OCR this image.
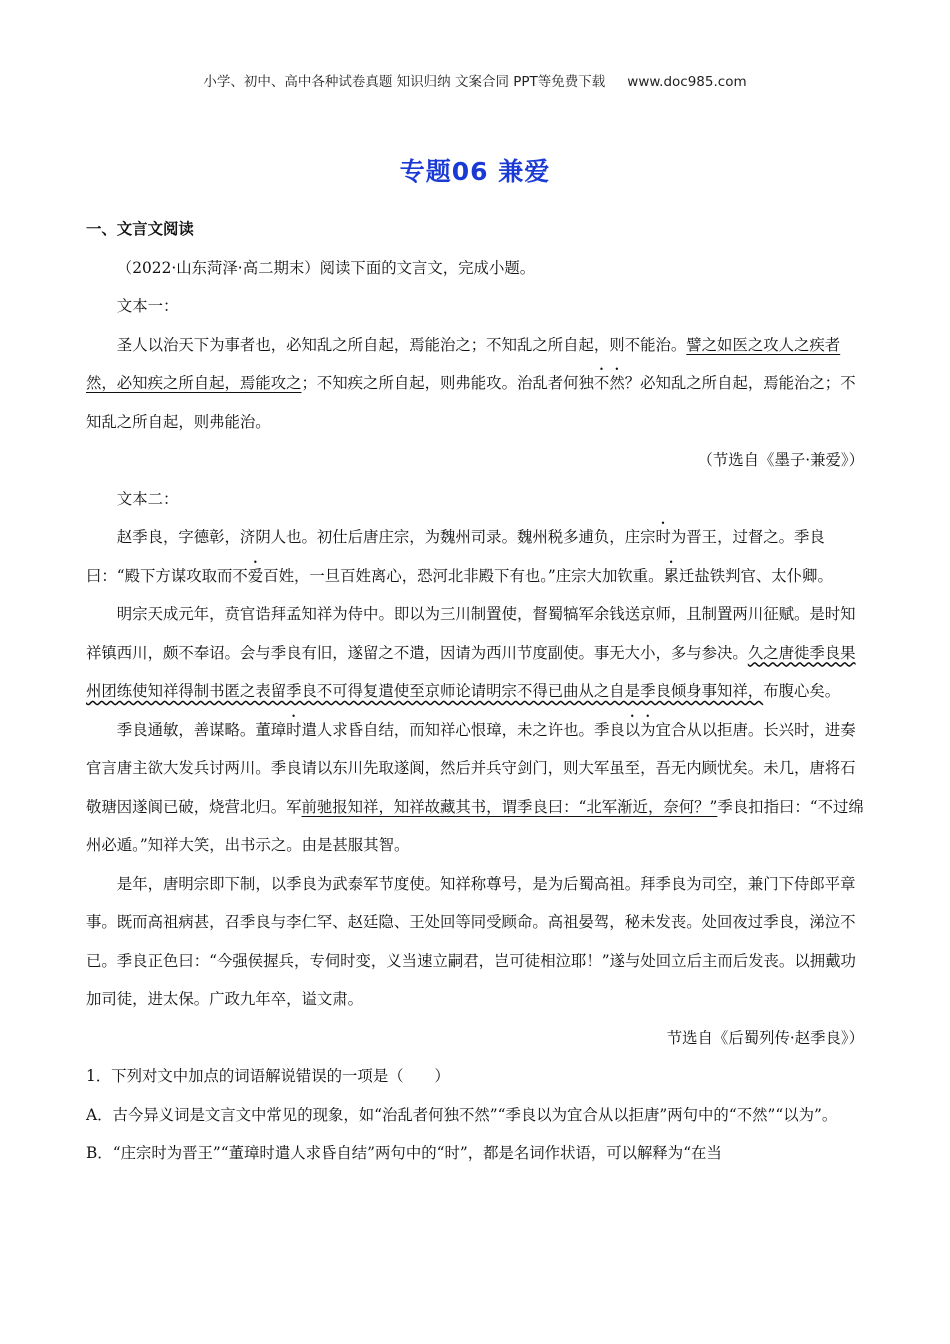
小学、初中、高中各种试卷真题 知识归纳 文案合同 PPT等免费下载 www.doc985.com
专题06 兼爱

一、文言文阅读

（2022·山东菏泽·高二期末）阅读下面的文言文，完成小题。

文本一：

圣人以治天下为事者也，必知乱之所自起，焉能治之；不知乱之所自起，则不能治。譬之如医之攻人之疾者然，必知疾之所自起，焉能攻之；不知疾之所自起，则弗能攻。治乱者何独不然？必知乱之所自起，焉能治之；不知乱之所自起，则弗能治。

（节选自《墨子·兼爱》）

文本二：

赵季良，字德彰，济阴人也。初仕后唐庄宗，为魏州司录。魏州税多逋负，庄宗时为晋王，过督之。季良曰：“殿下方谋攻取而不爱百姓，一旦百姓离心，恐河北非殿下有也。”庄宗大加钦重。累迁盐铁判官、太仆卿。

明宗天成元年，贲官诰拜孟知祥为侍中。即以为三川制置使，督蜀犒军余钱送京师，且制置两川征赋。是时知祥镇西川，颇不奉诏。会与季良有旧，遂留之不遣，因请为西川节度副使。事无大小，多与参决。久之唐徙季良果州团练使知祥得制书匿之表留季良不可得复遣使至京师论请明宗不得已曲从之自是季良倾身事知祥，布腹心矣。

季良通敏，善谋略。董璋时遣人求昏自结，而知祥心恨璋，未之许也。季良以为宜合从以拒唐。长兴时，进奏官言唐主欲大发兵讨两川。季良请以东川先取遂阆，然后并兵守剑门，则大军虽至，吾无内顾忧矣。未几，唐将石敬瑭因遂阆已破，烧营北归。军前驰报知祥，知祥故藏其书，谓季良曰：“北军渐近，奈何？”季良扣指曰：“不过绵州必遁。”知祥大笑，出书示之。由是甚服其智。

是年，唐明宗即下制，以季良为武泰军节度使。知祥称尊号，是为后蜀高祖。拜季良为司空，兼门下侍郎平章事。既而高祖病甚，召季良与李仁罕、赵廷隐、王处回等同受顾命。高祖晏驾，秘未发丧。处回夜过季良，涕泣不已。季良正色曰：“今强侯握兵，专伺时变，义当速立嗣君，岂可徒相泣耶！”遂与处回立后主而后发丧。以拥戴功加司徒，进太保。广政九年卒，谥文肃。

节选自《后蜀列传·赵季良》）

1．下列对文中加点的词语解说错误的一项是（　　）

A．古今异义词是文言文中常见的现象，如“治乱者何独不然”“季良以为宜合从以拒唐”两句中的“不然”“以为”。

B．“庄宗时为晋王”“董璋时遣人求昏自结”两句中的“时”，都是名词作状语，可以解释为“在当
